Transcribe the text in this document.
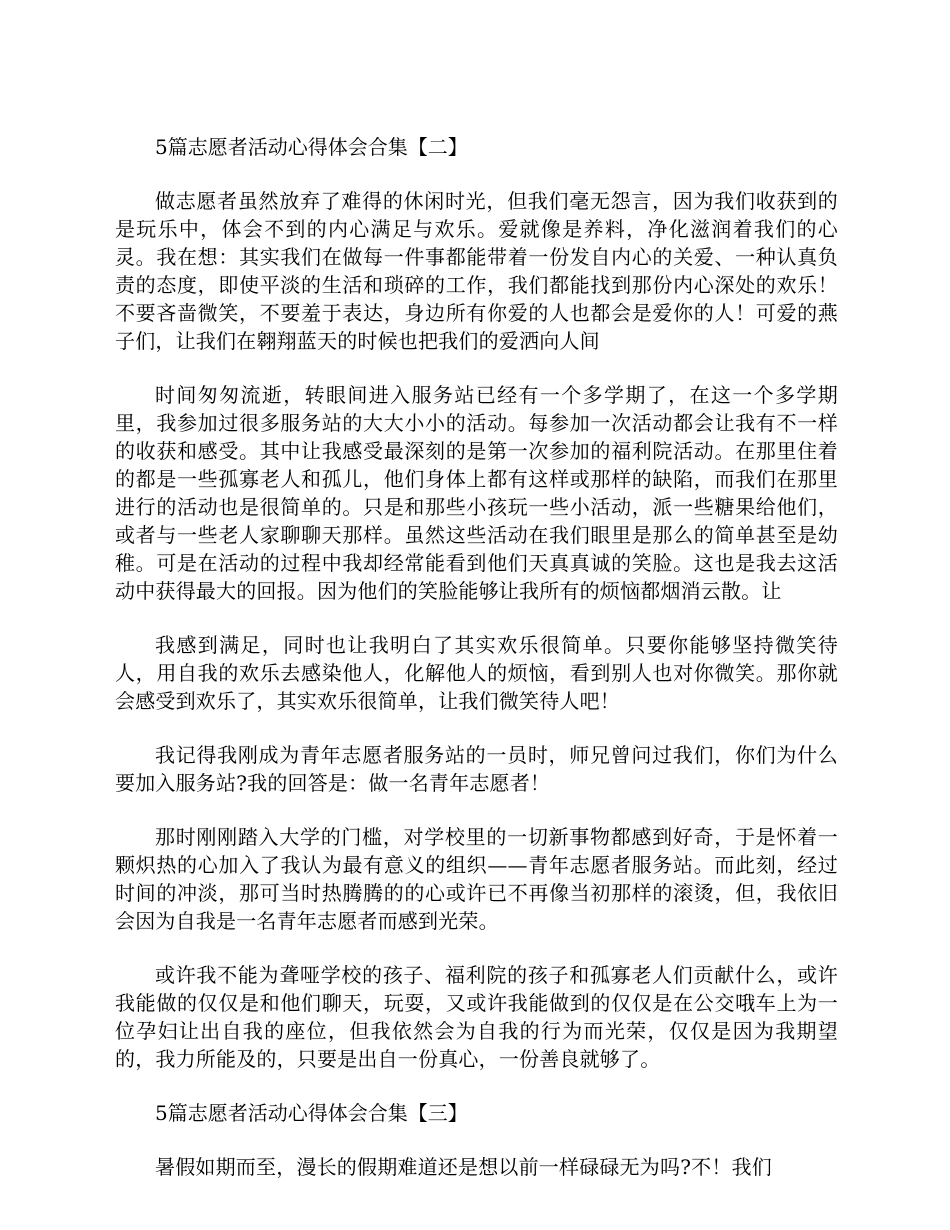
5篇志愿者活动心得体会合集【二】

做志愿者虽然放弃了难得的休闲时光，但我们毫无怨言，因为我们收获到的是玩乐中，体会不到的内心满足与欢乐。爱就像是养料，净化滋润着我们的心灵。我在想：其实我们在做每一件事都能带着一份发自内心的关爱、一种认真负责的态度，即使平淡的生活和琐碎的工作，我们都能找到那份内心深处的欢乐！不要吝啬微笑，不要羞于表达，身边所有你爱的人也都会是爱你的人！可爱的燕子们，让我们在翱翔蓝天的时候也把我们的爱洒向人间

时间匆匆流逝，转眼间进入服务站已经有一个多学期了，在这一个多学期里，我参加过很多服务站的大大小小的活动。每参加一次活动都会让我有不一样的收获和感受。其中让我感受最深刻的是第一次参加的福利院活动。在那里住着的都是一些孤寡老人和孤儿，他们身体上都有这样或那样的缺陷，而我们在那里进行的活动也是很简单的。只是和那些小孩玩一些小活动，派一些糖果给他们，或者与一些老人家聊聊天那样。虽然这些活动在我们眼里是那么的简单甚至是幼稚。可是在活动的过程中我却经常能看到他们天真真诚的笑脸。这也是我去这活动中获得最大的回报。因为他们的笑脸能够让我所有的烦恼都烟消云散。让

我感到满足，同时也让我明白了其实欢乐很简单。只要你能够坚持微笑待人，用自我的欢乐去感染他人，化解他人的烦恼，看到别人也对你微笑。那你就会感受到欢乐了，其实欢乐很简单，让我们微笑待人吧！

我记得我刚成为青年志愿者服务站的一员时，师兄曾问过我们，你们为什么要加入服务站?我的回答是：做一名青年志愿者！

那时刚刚踏入大学的门槛，对学校里的一切新事物都感到好奇，于是怀着一颗炽热的心加入了我认为最有意义的组织——青年志愿者服务站。而此刻，经过时间的冲淡，那可当时热腾腾的的心或许已不再像当初那样的滚烫，但，我依旧会因为自我是一名青年志愿者而感到光荣。

或许我不能为聋哑学校的孩子、福利院的孩子和孤寡老人们贡献什么，或许我能做的仅仅是和他们聊天，玩耍，又或许我能做到的仅仅是在公交哦车上为一位孕妇让出自我的座位，但我依然会为自我的行为而光荣，仅仅是因为我期望的，我力所能及的，只要是出自一份真心，一份善良就够了。

5篇志愿者活动心得体会合集【三】

暑假如期而至，漫长的假期难道还是想以前一样碌碌无为吗?不！我们
